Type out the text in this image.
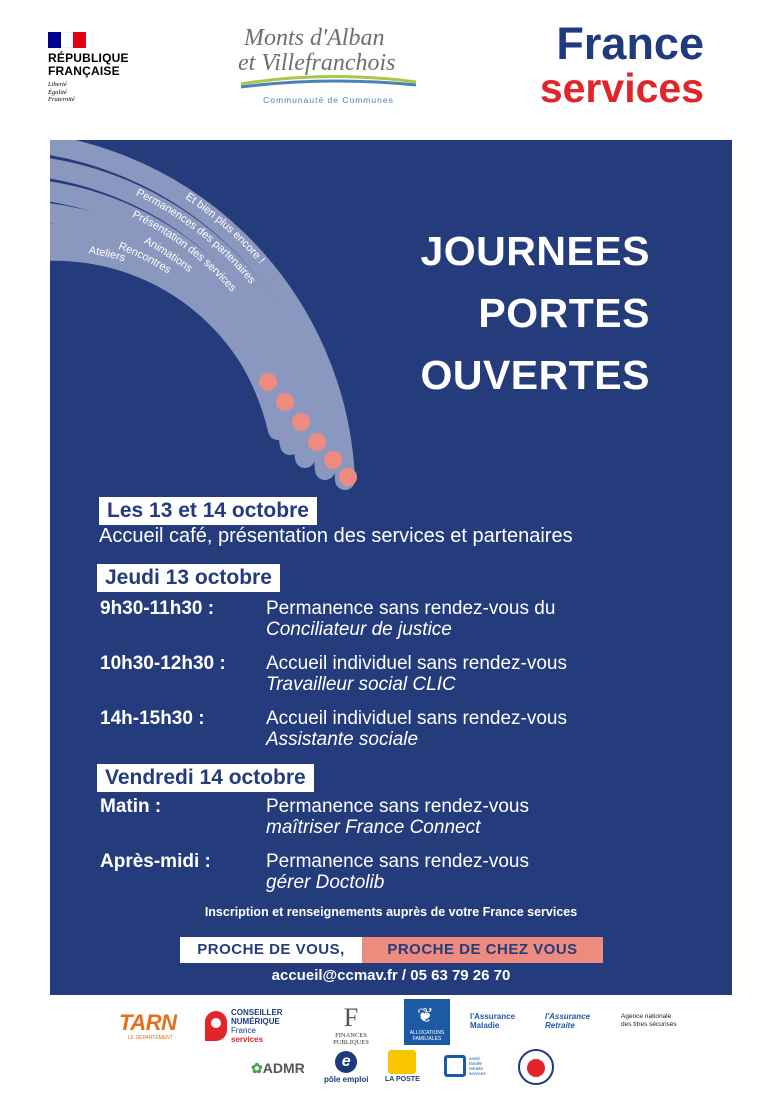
RÉPUBLIQUE
FRANÇAISE
Liberté
Égalité
Fraternité
Monts d'Alban
et Villefranchois
Communauté de Communes
France
services
Et bien plus encore !
Permanences des partenaires
Présentation des services
Animations
Rencontres
Ateliers	JOURNEES
PORTES
OUVERTES
Les 13 et 14 octobre
Accueil café, présentation des services et partenaires
Jeudi 13 octobre
9h30-11h30 :	Permanence sans rendez-vous du
Conciliateur de justice
10h30-12h30 : Accueil individuel sans rendez-vous
Travailleur social CLIC
14h-15h30 :	Accueil individuel sans rendez-vous
Assistante sociale
Vendredi 14 octobre
Matin :	Permanence sans rendez-vous
maîtriser France Connect
Après-midi :	Permanence sans rendez-vous
gérer Doctolib
Inscription et renseignements auprès de votre France services
PROCHE DE VOUS,	PROCHE DE CHEZ VOUS
accueil@ccmav.fr / 05 63 79 26 70
TARN
LE DÉPARTEMENT
CONSEILLER
NUMÉRIQUE
France
services
F
FINANCES PUBLIQUES
❦
ALLOCATIONS FAMILIALES
l'Assurance
Maladie
l'Assurance
Retraite
Agence nationale
des titres sécurisés
✿ADMR	e
pôle emploi LA POSTE
santé
famille
retraite
services
